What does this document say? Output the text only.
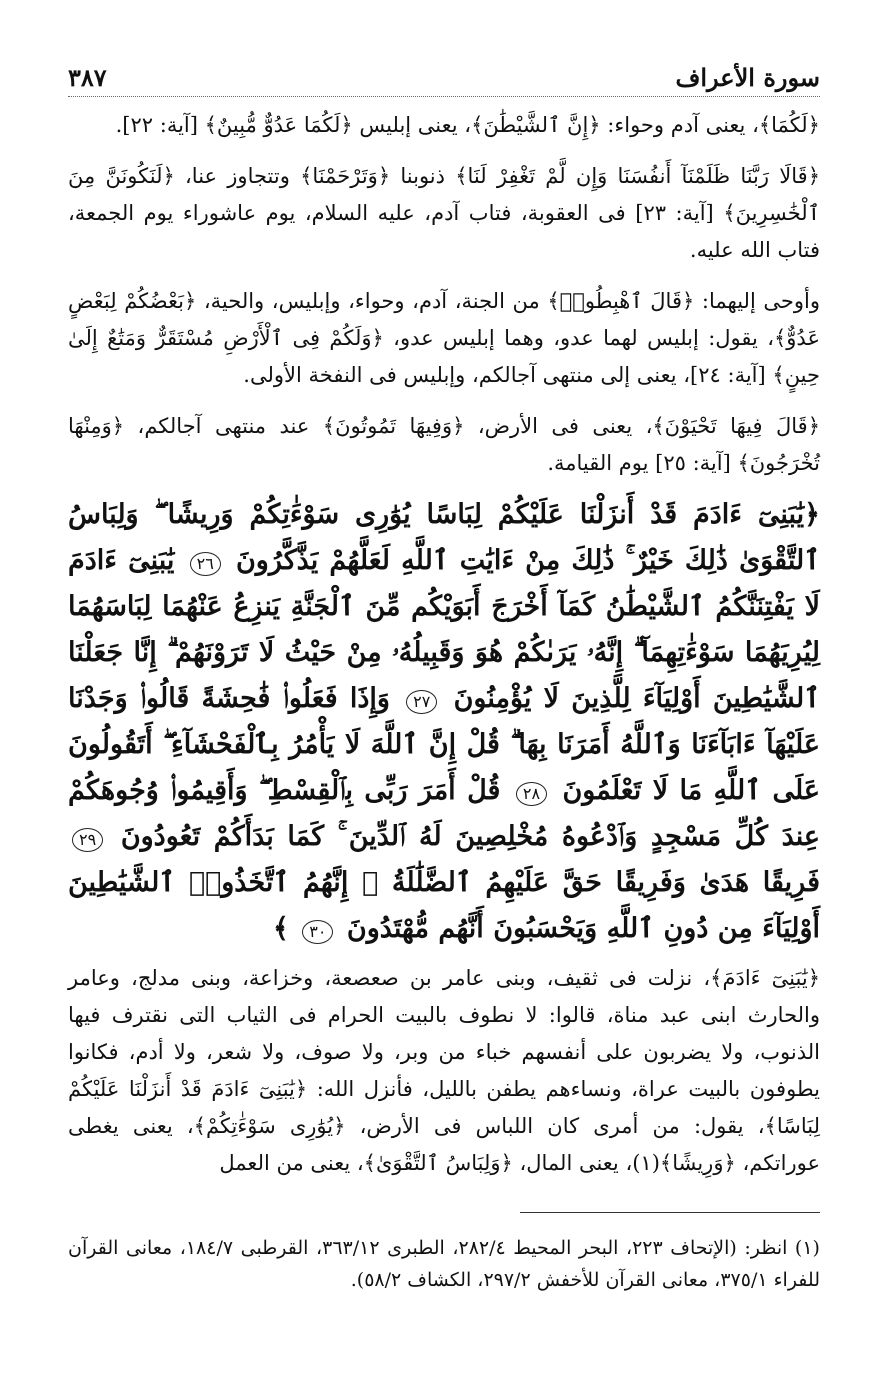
سورة الأعراف
٣٨٧

﴿لَكُمَا﴾، يعنى آدم وحواء: ﴿إِنَّ ٱلشَّيْطَٰنَ﴾، يعنى إبليس ﴿لَكُمَا عَدُوٌّ مُّبِينٌ﴾ [آية: ٢٢].

﴿قَالَا رَبَّنَا ظَلَمْنَآ أَنفُسَنَا وَإِن لَّمْ تَغْفِرْ لَنَا﴾ ذنوبنا ﴿وَتَرْحَمْنَا﴾ وتتجاوز عنا، ﴿لَنَكُونَنَّ مِنَ ٱلْخَٰسِرِينَ﴾ [آية: ٢٣] فى العقوبة، فتاب آدم، عليه السلام، يوم عاشوراء يوم الجمعة، فتاب الله عليه.

وأوحى إليهما: ﴿قَالَ ٱهْبِطُوا۟﴾ من الجنة، آدم، وحواء، وإبليس، والحية، ﴿بَعْضُكُمْ لِبَعْضٍ عَدُوٌّ﴾، يقول: إبليس لهما عدو، وهما إبليس عدو، ﴿وَلَكُمْ فِى ٱلْأَرْضِ مُسْتَقَرٌّ وَمَتَٰعٌ إِلَىٰ حِينٍ﴾ [آية: ٢٤]، يعنى إلى منتهى آجالكم، وإبليس فى النفخة الأولى.

﴿قَالَ فِيهَا تَحْيَوْنَ﴾، يعنى فى الأرض، ﴿وَفِيهَا تَمُوتُونَ﴾ عند منتهى آجالكم، ﴿وَمِنْهَا تُخْرَجُونَ﴾ [آية: ٢٥] يوم القيامة.

﴿يَٰبَنِىٓ ءَادَمَ قَدْ أَنزَلْنَا عَلَيْكُمْ لِبَاسًا يُوَٰرِى سَوْءَٰتِكُمْ وَرِيشًا ۖ وَلِبَاسُ ٱلتَّقْوَىٰ ذَٰلِكَ خَيْرٌ ۚ ذَٰلِكَ مِنْ ءَايَٰتِ ٱللَّهِ لَعَلَّهُمْ يَذَّكَّرُونَ ٢٦ يَٰبَنِىٓ ءَادَمَ لَا يَفْتِنَنَّكُمُ ٱلشَّيْطَٰنُ كَمَآ أَخْرَجَ أَبَوَيْكُم مِّنَ ٱلْجَنَّةِ يَنزِعُ عَنْهُمَا لِبَاسَهُمَا لِيُرِيَهُمَا سَوْءَٰتِهِمَآ ۗ إِنَّهُۥ يَرَىٰكُمْ هُوَ وَقَبِيلُهُۥ مِنْ حَيْثُ لَا تَرَوْنَهُمْ ۗ إِنَّا جَعَلْنَا ٱلشَّيَٰطِينَ أَوْلِيَآءَ لِلَّذِينَ لَا يُؤْمِنُونَ ٢٧ وَإِذَا فَعَلُوا۟ فَٰحِشَةً قَالُوا۟ وَجَدْنَا عَلَيْهَآ ءَابَآءَنَا وَٱللَّهُ أَمَرَنَا بِهَا ۗ قُلْ إِنَّ ٱللَّهَ لَا يَأْمُرُ بِٱلْفَحْشَآءِ ۖ أَتَقُولُونَ عَلَى ٱللَّهِ مَا لَا تَعْلَمُونَ ٢٨ قُلْ أَمَرَ رَبِّى بِٱلْقِسْطِ ۖ وَأَقِيمُوا۟ وُجُوهَكُمْ عِندَ كُلِّ مَسْجِدٍ وَٱدْعُوهُ مُخْلِصِينَ لَهُ ٱلدِّينَ ۚ كَمَا بَدَأَكُمْ تَعُودُونَ ٢٩ فَرِيقًا هَدَىٰ وَفَرِيقًا حَقَّ عَلَيْهِمُ ٱلضَّلَٰلَةُ ۗ إِنَّهُمُ ٱتَّخَذُوا۟ ٱلشَّيَٰطِينَ أَوْلِيَآءَ مِن دُونِ ٱللَّهِ وَيَحْسَبُونَ أَنَّهُم مُّهْتَدُونَ ٣٠ ﴾

﴿يَٰبَنِىٓ ءَادَمَ﴾، نزلت فى ثقيف، وبنى عامر بن صعصعة، وخزاعة، وبنى مدلج، وعامر والحارث ابنى عبد مناة، قالوا: لا نطوف بالبيت الحرام فى الثياب التى نقترف فيها الذنوب، ولا يضربون على أنفسهم خباء من وبر، ولا صوف، ولا شعر، ولا أدم، فكانوا يطوفون بالبيت عراة، ونساءهم يطفن بالليل، فأنزل الله: ﴿يَٰبَنِىٓ ءَادَمَ قَدْ أَنزَلْنَا عَلَيْكُمْ لِبَاسًا﴾، يقول: من أمرى كان اللباس فى الأرض، ﴿يُوَٰرِى سَوْءَٰتِكُمْ﴾، يعنى يغطى عوراتكم، ﴿وَرِيشًا﴾(١)، يعنى المال، ﴿وَلِبَاسُ ٱلتَّقْوَىٰ﴾، يعنى من العمل

(١) انظر: (الإتحاف ٢٢٣، البحر المحيط ٢٨٢/٤، الطبرى ٣٦٣/١٢، القرطبى ١٨٤/٧، معانى القرآن للفراء ٣٧٥/١، معانى القرآن للأخفش ٢٩٧/٢، الكشاف ٥٨/٢).
